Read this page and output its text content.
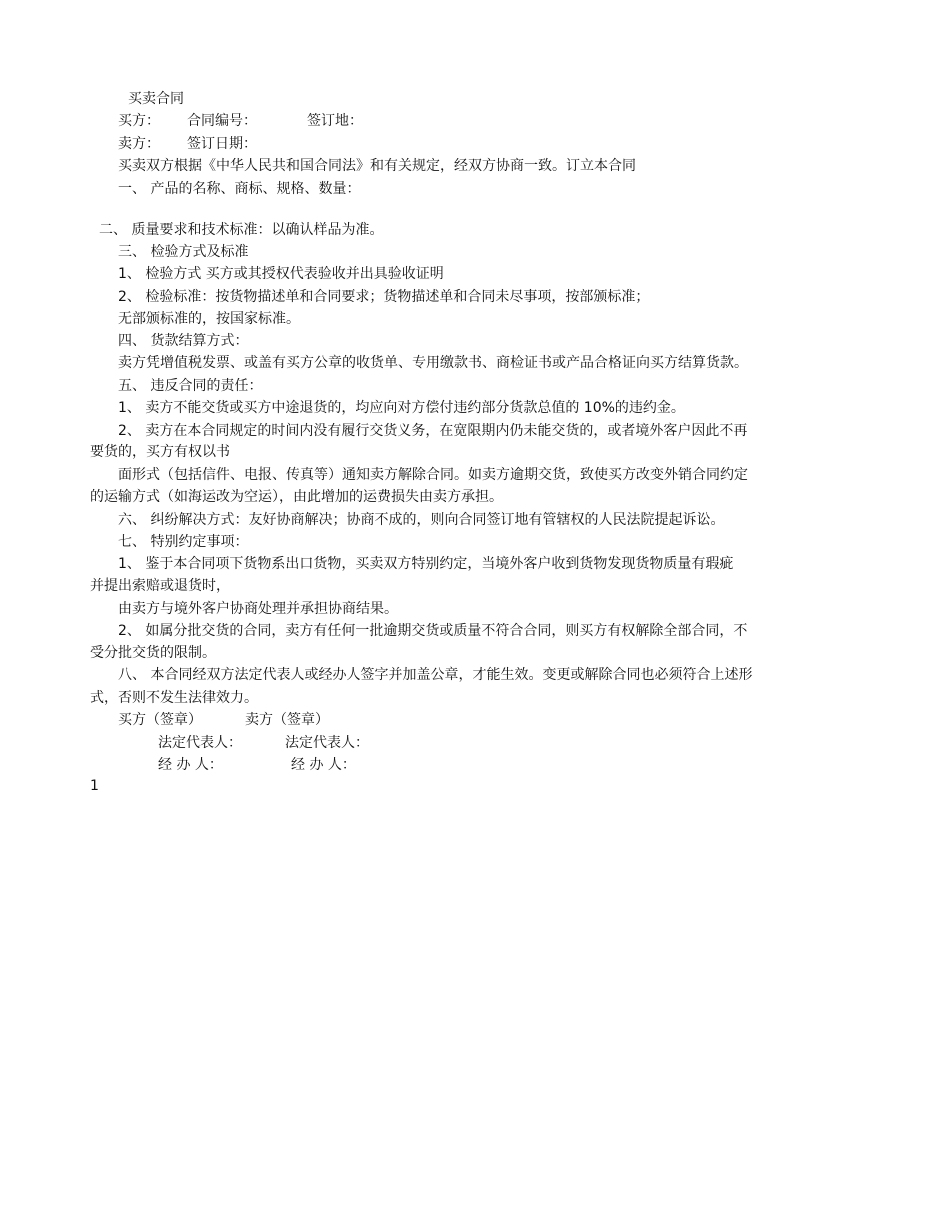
买卖合同
买方： 合同编号：	签订地：
卖方： 签订日期：
买卖双方根据《中华人民共和国合同法》和有关规定，经双方协商一致。订立本合同
一、 产品的名称、商标、规格、数量：
二、 质量要求和技术标准：以确认样品为准。
三、 检验方式及标准
1、 检验方式 买方或其授权代表验收并出具验收证明
2、 检验标准：按货物描述单和合同要求；货物描述单和合同未尽事项，按部颁标准；
无部颁标准的，按国家标准。
四、 货款结算方式：
卖方凭增值税发票、或盖有买方公章的收货单、专用缴款书、商检证书或产品合格证向买方结算货款。
五、 违反合同的责任：
1、 卖方不能交货或买方中途退货的，均应向对方偿付违约部分货款总值的 10%的违约金。
2、 卖方在本合同规定的时间内没有履行交货义务，在宽限期内仍未能交货的，或者境外客户因此不再
要货的，买方有权以书
面形式（包括信件、电报、传真等）通知卖方解除合同。如卖方逾期交货，致使买方改变外销合同约定
的运输方式（如海运改为空运），由此增加的运费损失由卖方承担。
六、 纠纷解决方式：友好协商解决；协商不成的，则向合同签订地有管辖权的人民法院提起诉讼。
七、 特别约定事项：
1、 鉴于本合同项下货物系出口货物，买卖双方特别约定，当境外客户收到货物发现货物质量有瑕疵
并提出索赔或退货时，
由卖方与境外客户协商处理并承担协商结果。
2、 如属分批交货的合同，卖方有任何一批逾期交货或质量不符合合同，则买方有权解除全部合同，不
受分批交货的限制。
八、 本合同经双方法定代表人或经办人签字并加盖公章，才能生效。变更或解除合同也必须符合上述形
式，否则不发生法律效力。
买方（签章）	卖方（签章）
法定代表人：	法定代表人：
经 办 人：	经 办 人：
1
